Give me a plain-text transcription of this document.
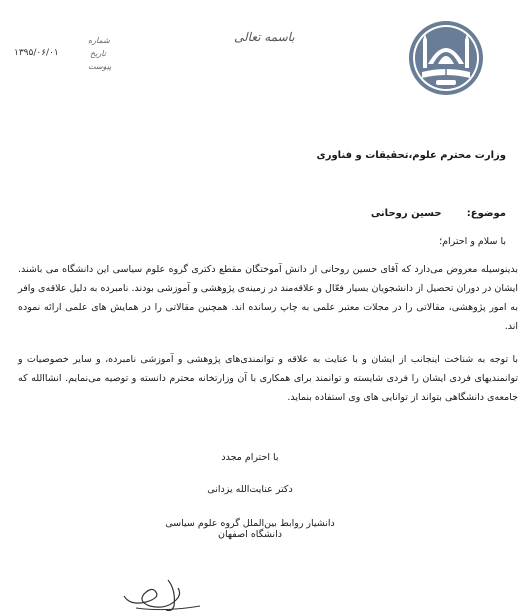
باسمه تعالی
شماره
تاریخ
پیوست
۱۳۹۵/۰۶/۰۱
وزارت محترم علوم،تحقیقات و فناوری
موضوع: حسین روحانی
با سلام و احترام؛
بدینوسیله معروض می‌دارد که آقای حسین روحانی از دانش آموختگان مقطع دکتری گروه علوم سیاسی این دانشگاه می باشند. ایشان در دوران تحصیل از دانشجویان بسیار فعّال و علاقه‌مند در زمینه‌ی پژوهشی و آموزشی بودند. نامبرده به دلیل علاقه‌ی وافر به امور پژوهشی، مقالاتی را در مجلات معتبر علمی به چاپ رسانده اند. همچنین مقالاتی را در همایش های علمی ارائه نموده اند.
با توجه به شناخت اینجانب از ایشان و با عنایت به علاقه و توانمندی‌های پژوهشی و آموزشی نامبرده، و سایر خصوصیات و توانمندیهای فردی ایشان را فردی شایسته و توانمند برای همکاری با آن وزارتخانه محترم دانسته و توصیه می‌نمایم. انشاالله که جامعه‌ی دانشگاهی بتواند از توانایی های وی استفاده بنماید.
با احترام مجدد
دکتر عنایت‌الله یزدانی
دانشیار روابط بین‌الملل گروه علوم سیاسی دانشگاه اصفهان
